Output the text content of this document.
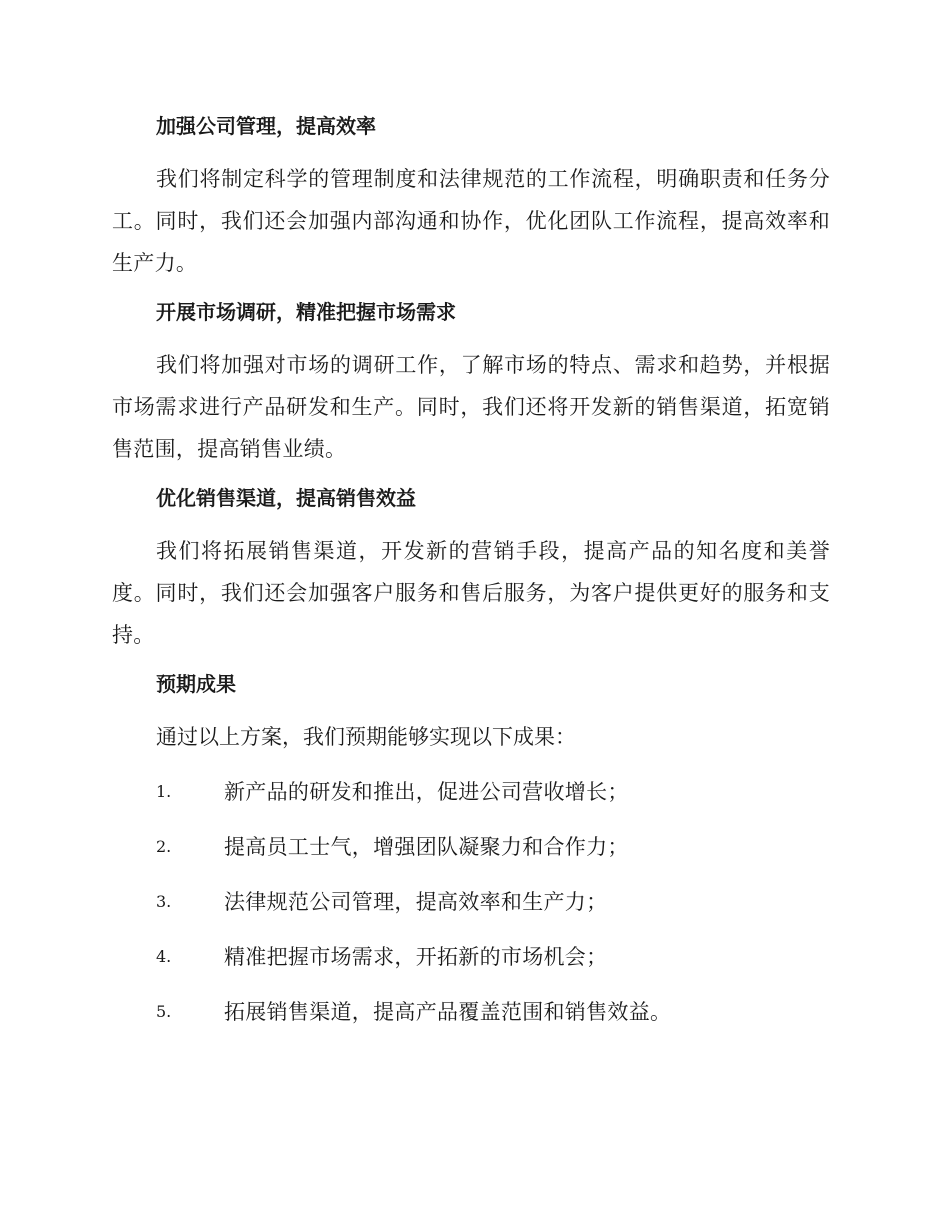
加强公司管理，提高效率

我们将制定科学的管理制度和法律规范的工作流程，明确职责和任务分工。同时，我们还会加强内部沟通和协作，优化团队工作流程，提高效率和生产力。

开展市场调研，精准把握市场需求

我们将加强对市场的调研工作，了解市场的特点、需求和趋势，并根据市场需求进行产品研发和生产。同时，我们还将开发新的销售渠道，拓宽销售范围，提高销售业绩。

优化销售渠道，提高销售效益

我们将拓展销售渠道，开发新的营销手段，提高产品的知名度和美誉度。同时，我们还会加强客户服务和售后服务，为客户提供更好的服务和支持。

预期成果

通过以上方案，我们预期能够实现以下成果：

1.	新产品的研发和推出，促进公司营收增长；
2.	提高员工士气，增强团队凝聚力和合作力；
3.	法律规范公司管理，提高效率和生产力；
4.	精准把握市场需求，开拓新的市场机会；
5.	拓展销售渠道，提高产品覆盖范围和销售效益。
